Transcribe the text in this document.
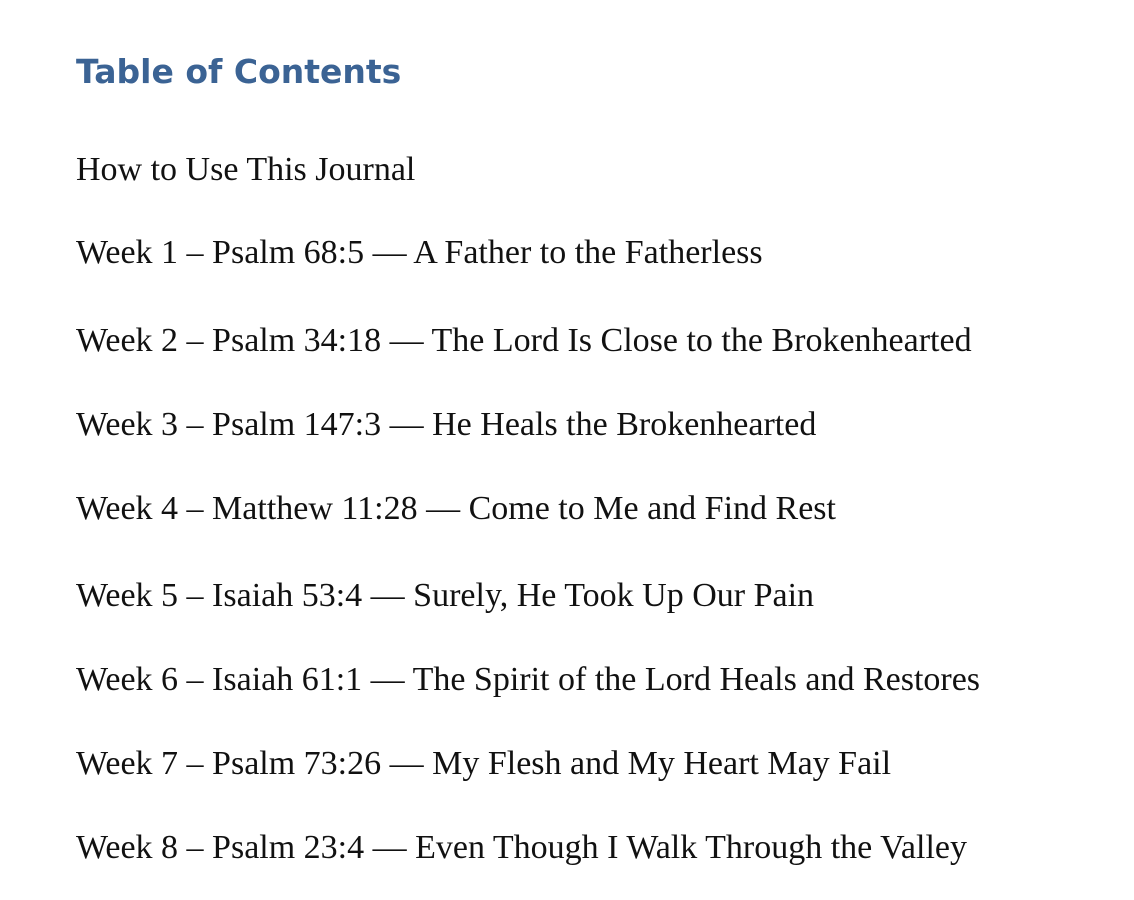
Table of Contents
How to Use This Journal
Week 1 – Psalm 68:5 — A Father to the Fatherless
Week 2 – Psalm 34:18 — The Lord Is Close to the Brokenhearted
Week 3 – Psalm 147:3 — He Heals the Brokenhearted
Week 4 – Matthew 11:28 — Come to Me and Find Rest
Week 5 – Isaiah 53:4 — Surely, He Took Up Our Pain
Week 6 – Isaiah 61:1 — The Spirit of the Lord Heals and Restores
Week 7 – Psalm 73:26 — My Flesh and My Heart May Fail
Week 8 – Psalm 23:4 — Even Though I Walk Through the Valley
